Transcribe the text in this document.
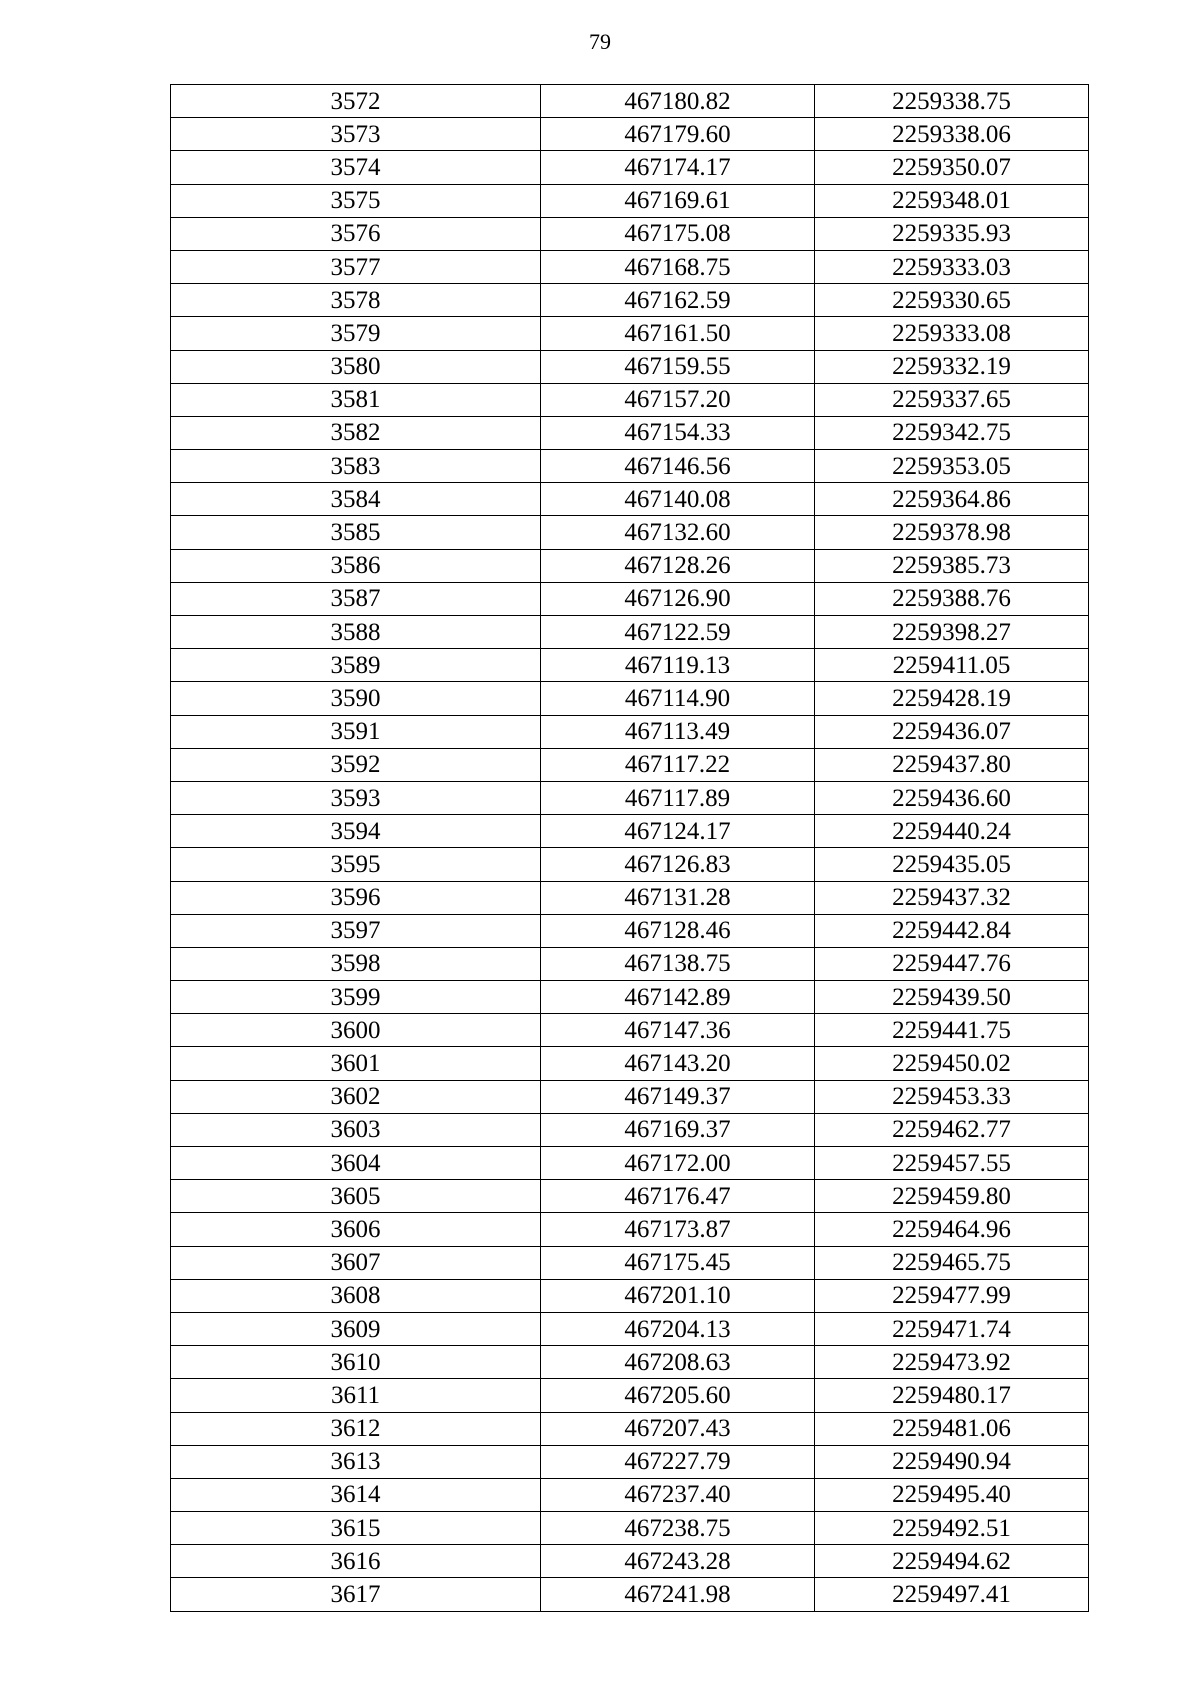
79
3572	467180.82	2259338.75
3573	467179.60	2259338.06
3574	467174.17	2259350.07
3575	467169.61	2259348.01
3576	467175.08	2259335.93
3577	467168.75	2259333.03
3578	467162.59	2259330.65
3579	467161.50	2259333.08
3580	467159.55	2259332.19
3581	467157.20	2259337.65
3582	467154.33	2259342.75
3583	467146.56	2259353.05
3584	467140.08	2259364.86
3585	467132.60	2259378.98
3586	467128.26	2259385.73
3587	467126.90	2259388.76
3588	467122.59	2259398.27
3589	467119.13	2259411.05
3590	467114.90	2259428.19
3591	467113.49	2259436.07
3592	467117.22	2259437.80
3593	467117.89	2259436.60
3594	467124.17	2259440.24
3595	467126.83	2259435.05
3596	467131.28	2259437.32
3597	467128.46	2259442.84
3598	467138.75	2259447.76
3599	467142.89	2259439.50
3600	467147.36	2259441.75
3601	467143.20	2259450.02
3602	467149.37	2259453.33
3603	467169.37	2259462.77
3604	467172.00	2259457.55
3605	467176.47	2259459.80
3606	467173.87	2259464.96
3607	467175.45	2259465.75
3608	467201.10	2259477.99
3609	467204.13	2259471.74
3610	467208.63	2259473.92
3611	467205.60	2259480.17
3612	467207.43	2259481.06
3613	467227.79	2259490.94
3614	467237.40	2259495.40
3615	467238.75	2259492.51
3616	467243.28	2259494.62
3617	467241.98	2259497.41
